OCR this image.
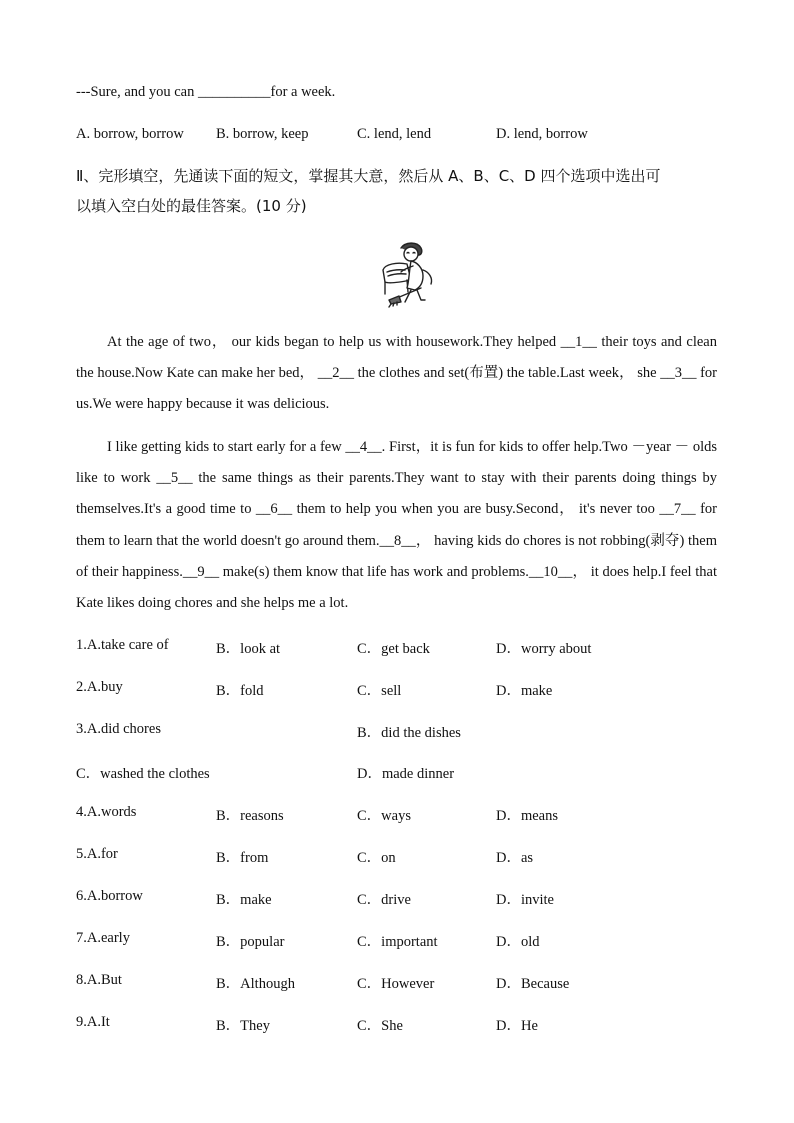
---Sure, and you can __________for a week.
A. borrow, borrow B. borrow, keep	C. lend, lend	D. lend, borrow
Ⅱ、完形填空，先通读下面的短文，掌握其大意，然后从 A、B、C、D 四个选项中选出可
以填入空白处的最佳答案。(10 分)
At the age of two， our kids began to help us with housework.They helped __1__ their toys and clean the house.Now Kate can make her bed， __2__ the clothes and set(布置) the table.Last week， she __3__ for us.We were happy because it was delicious.
I like getting kids to start early for a few __4__. First，it is fun for kids to offer help.Two －year － olds like to work __5__ the same things as their parents.They want to stay with their parents doing things by themselves.It's a good time to __6__ them to help you when you are busy.Second， it's never too __7__ for them to learn that the world doesn't go around them.__8__， having kids do chores is not robbing(剥夺) them of their happiness.__9__ make(s) them know that life has work and problems.__10__， it does help.I feel that Kate likes doing chores and she helps me a lot.
1.A.take care of	B．look at	C．get back	D．worry about
2.A.buy	B．fold	C．sell	D．make
3.A.did chores	B．did the dishes
C．washed the clothes	D．made dinner
4.A.words	B．reasons	C．ways	D．means
5.A.for	B．from	C．on	D．as
6.A.borrow	B．make	C．drive	D．invite
7.A.early	B．popular	C．important	D．old
8.A.But	B．Although	C．However	D．Because
9.A.It	B．They	C．She	D．He
